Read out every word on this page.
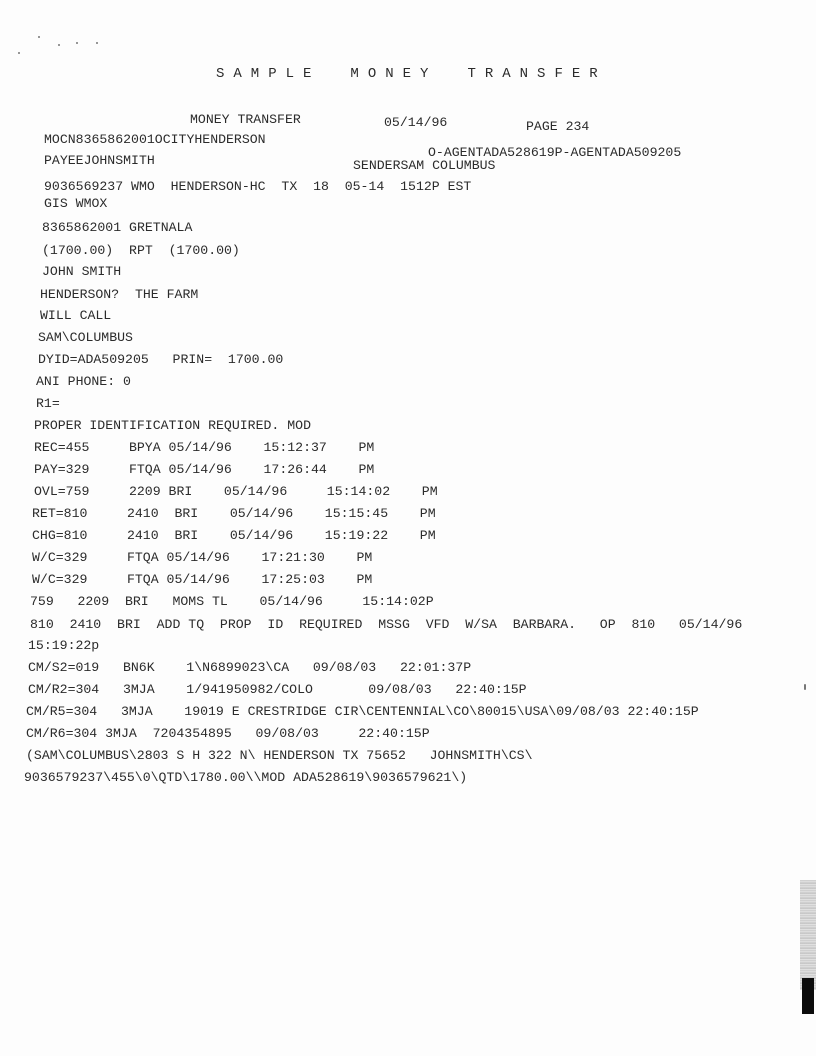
SAMPLE MONEY TRANSFER
MONEY TRANSFER	05/14/96	PAGE 234
MOCN8365862001OCITYHENDERSON
O-AGENTADA528619P-AGENTADA509205
PAYEEJOHNSMITH	SENDERSAM COLUMBUS
9036569237 WMO  HENDERSON-HC  TX  18  05-14  1512P EST
GIS WMOX
8365862001 GRETNALA
(1700.00)  RPT  (1700.00)
JOHN SMITH
HENDERSON?  THE FARM
WILL CALL
SAM\COLUMBUS
DYID=ADA509205   PRIN=  1700.00
ANI PHONE: 0
R1=
PROPER IDENTIFICATION REQUIRED. MOD
REC=455     BPYA 05/14/96    15:12:37    PM
PAY=329     FTQA 05/14/96    17:26:44    PM
OVL=759     2209 BRI    05/14/96     15:14:02    PM
RET=810     2410  BRI    05/14/96    15:15:45    PM
CHG=810     2410  BRI    05/14/96    15:19:22    PM
W/C=329     FTQA 05/14/96    17:21:30    PM
W/C=329     FTQA 05/14/96    17:25:03    PM
759   2209  BRI   MOMS TL    05/14/96     15:14:02P
810  2410  BRI  ADD TQ  PROP  ID  REQUIRED  MSSG  VFD  W/SA  BARBARA.   OP  810   05/14/96
15:19:22p
CM/S2=019   BN6K    1\N6899023\CA   09/08/03   22:01:37P
CM/R2=304   3MJA    1/941950982/COLO       09/08/03   22:40:15P
CM/R5=304   3MJA    19019 E CRESTRIDGE CIR\CENTENNIAL\CO\80015\USA\09/08/03 22:40:15P
CM/R6=304 3MJA  7204354895   09/08/03     22:40:15P
(SAM\COLUMBUS\2803 S H 322 N\ HENDERSON TX 75652   JOHNSMITH\CS\
9036579237\455\0\QTD\1780.00\\MOD ADA528619\9036579621\)
